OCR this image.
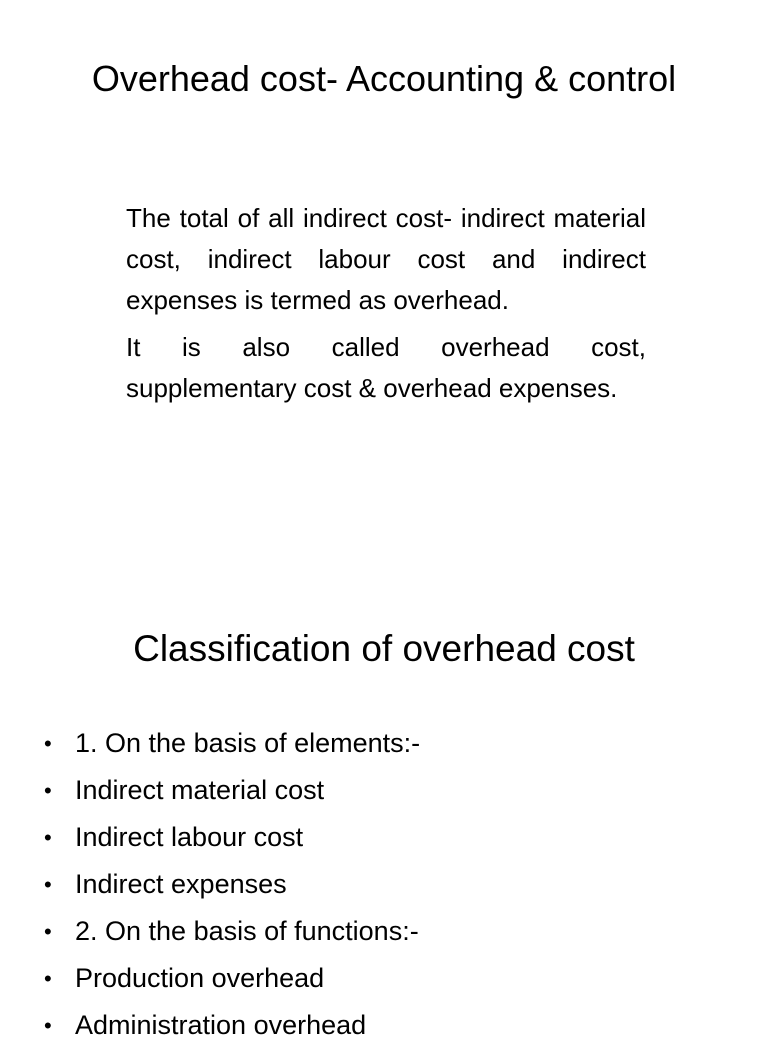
Overhead cost- Accounting & control

The total of all indirect cost- indirect material cost, indirect labour cost and indirect expenses is termed as overhead.

It is also called overhead cost, supplementary cost & overhead expenses.

Classification of overhead cost
• 1. On the basis of elements:-
• Indirect material cost
• Indirect labour cost
• Indirect expenses
• 2. On the basis of functions:-
• Production overhead
• Administration overhead
